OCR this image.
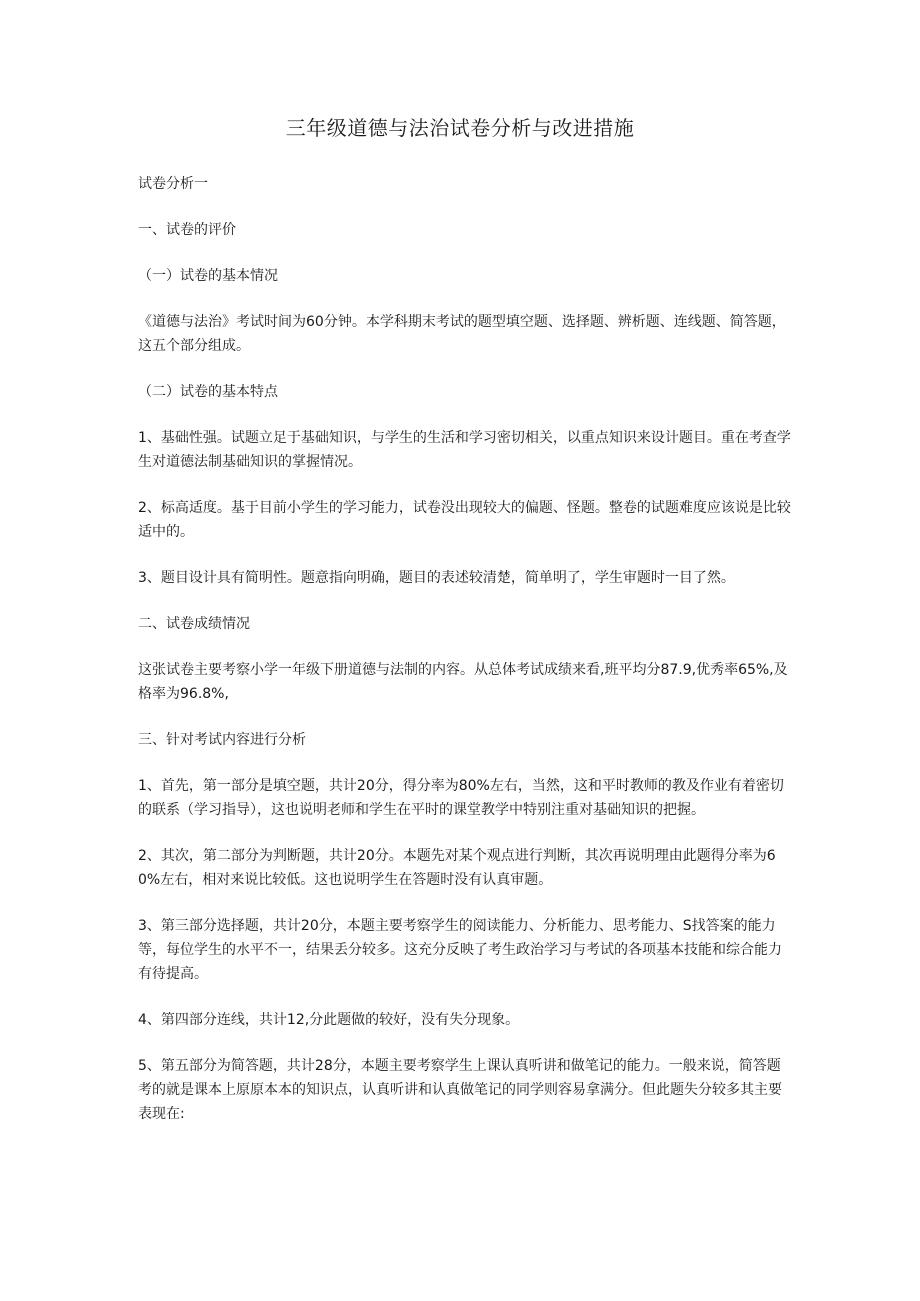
三年级道德与法治试卷分析与改进措施

试卷分析一

一、试卷的评价

（一）试卷的基本情况

《道德与法治》考试时间为60分钟。本学科期末考试的题型填空题、选择题、辨析题、连线题、简答题，这五个部分组成。

（二）试卷的基本特点

1、基础性强。试题立足于基础知识，与学生的生活和学习密切相关，以重点知识来设计题目。重在考查学生对道德法制基础知识的掌握情况。

2、标高适度。基于目前小学生的学习能力，试卷没出现较大的偏题、怪题。整卷的试题难度应该说是比较适中的。

3、题目设计具有简明性。题意指向明确，题目的表述较清楚，简单明了，学生审题时一目了然。

二、试卷成绩情况

这张试卷主要考察小学一年级下册道德与法制的内容。从总体考试成绩来看,班平均分87.9,优秀率65%,及格率为96.8%,

三、针对考试内容进行分析

1、首先，第一部分是填空题，共计20分，得分率为80%左右，当然，这和平时教师的教及作业有着密切的联系（学习指导），这也说明老师和学生在平时的课堂教学中特别注重对基础知识的把握。

2、其次，第二部分为判断题，共计20分。本题先对某个观点进行判断，其次再说明理由此题得分率为60%左右，相对来说比较低。这也说明学生在答题时没有认真审题。

3、第三部分选择题，共计20分，本题主要考察学生的阅读能力、分析能力、思考能力、S找答案的能力等，每位学生的水平不一，结果丢分较多。这充分反映了考生政治学习与考试的各项基本技能和综合能力有待提高。

4、第四部分连线，共计12,分此题做的较好，没有失分现象。

5、第五部分为简答题，共计28分，本题主要考察学生上课认真听讲和做笔记的能力。一般来说，简答题考的就是课本上原原本本的知识点，认真听讲和认真做笔记的同学则容易拿满分。但此题失分较多其主要表现在:
